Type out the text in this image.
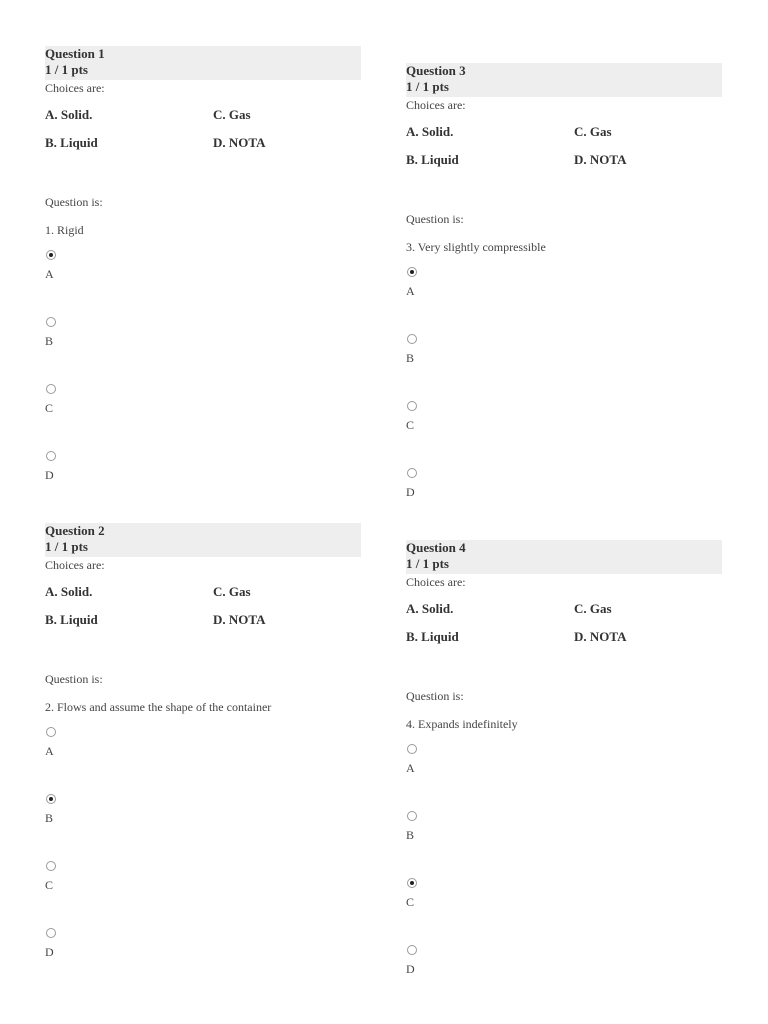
Question 1
1 / 1 pts
Choices are:
A. Solid.	C. Gas
B. Liquid	D. NOTA
Question is:
1. Rigid
A
B
C
D
Question 2
1 / 1 pts
Choices are:
A. Solid.	C. Gas
B. Liquid	D. NOTA
Question is:
2. Flows and assume the shape of the container
A
B
C
D
Question 3
1 / 1 pts
Choices are:
A. Solid.	C. Gas
B. Liquid	D. NOTA
Question is:
3. Very slightly compressible
A
B
C
D
Question 4
1 / 1 pts
Choices are:
A. Solid.	C. Gas
B. Liquid	D. NOTA
Question is:
4. Expands indefinitely
A
B
C
D
